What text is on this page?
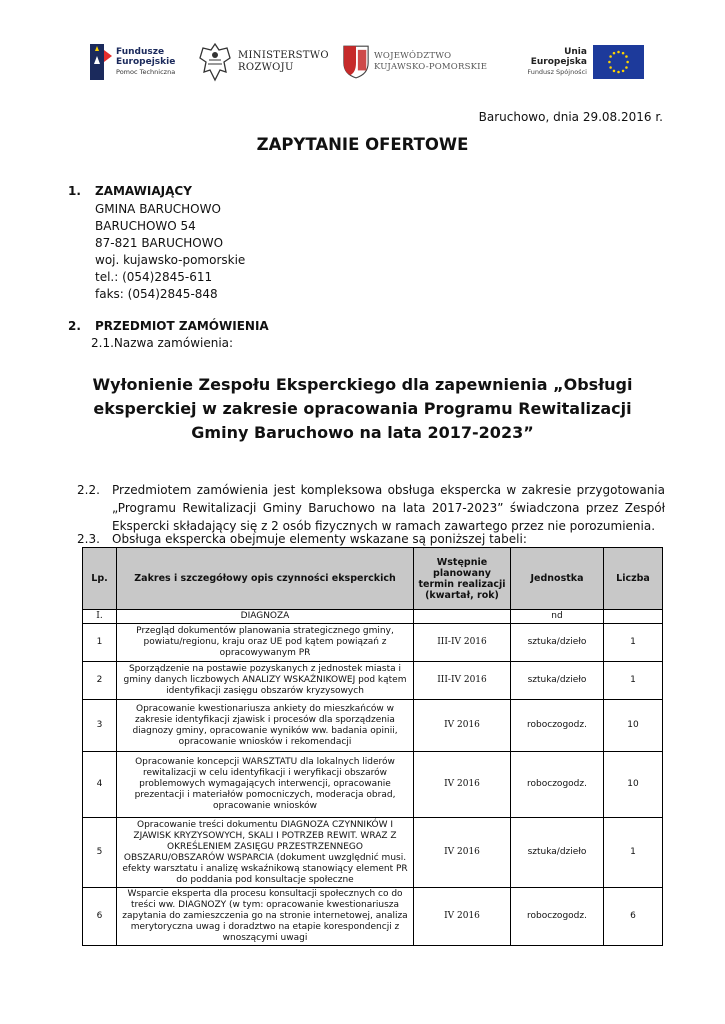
Fundusze
Europejskie
Pomoc Techniczna
MINISTERSTWO
ROZWOJU
WOJEWÓDZTWO
KUJAWSKO-POMORSKIE
Unia Europejska
Fundusz Spójności
Baruchowo, dnia 29.08.2016 r.
ZAPYTANIE OFERTOWE
1. ZAMAWIAJĄCY
GMINA BARUCHOWO
BARUCHOWO 54
87-821 BARUCHOWO
woj. kujawsko-pomorskie
tel.: (054)2845-611
faks: (054)2845-848
2. PRZEDMIOT ZAMÓWIENIA
2.1.Nazwa zamówienia:
Wyłonienie Zespołu Eksperckiego dla zapewnienia „Obsługi
eksperckiej w zakresie opracowania Programu Rewitalizacji
Gminy Baruchowo na lata 2017-2023”
2.2. Przedmiotem zamówienia jest kompleksowa obsługa ekspercka w zakresie przygotowania „Programu Rewitalizacji Gminy Baruchowo na lata 2017-2023” świadczona przez Zespół Ekspercki składający się z 2 osób fizycznych w ramach zawartego przez nie porozumienia.
2.3. Obsługa ekspercka obejmuje elementy wskazane są poniższej tabeli:
Lp.	Zakres i szczegółowy opis czynności eksperckich	Wstępnie planowany termin realizacji (kwartał, rok)	Jednostka	Liczba
I.	DIAGNOZA		nd	
1	Przegląd dokumentów planowania strategicznego gminy, powiatu/regionu, kraju oraz UE pod kątem powiązań z opracowywanym PR	III-IV 2016	sztuka/dzieło	1
2	Sporządzenie na postawie pozyskanych z jednostek miasta i gminy danych liczbowych ANALIZY WSKAŹNIKOWEJ pod kątem identyfikacji zasięgu obszarów kryzysowych	III-IV 2016	sztuka/dzieło	1
3	Opracowanie kwestionariusza ankiety do mieszkańców w zakresie identyfikacji zjawisk i procesów dla sporządzenia diagnozy gminy, opracowanie wyników ww. badania opinii, opracowanie wniosków i rekomendacji	IV 2016	roboczogodz.	10
4	Opracowanie koncepcji WARSZTATU dla lokalnych liderów rewitalizacji w celu identyfikacji i weryfikacji obszarów problemowych wymagających interwencji, opracowanie prezentacji i materiałów pomocniczych, moderacja obrad, opracowanie wniosków	IV 2016	roboczogodz.	10
5	Opracowanie treści dokumentu DIAGNOZA CZYNNIKÓW I ZJAWISK KRYZYSOWYCH, SKALI I POTRZEB REWIT. WRAZ Z OKREŚLENIEM ZASIĘGU PRZESTRZENNEGO OBSZARU/OBSZARÓW WSPARCIA (dokument uwzględnić musi. efekty warsztatu i analizę wskaźnikową stanowiący element PR do poddania pod konsultacje społeczne	IV 2016	sztuka/dzieło	1
6	Wsparcie eksperta dla procesu konsultacji społecznych co do treści ww. DIAGNOZY (w tym: opracowanie kwestionariusza zapytania do zamieszczenia go na stronie internetowej, analiza merytoryczna uwag i doradztwo na etapie korespondencji z wnoszącymi uwagi	IV 2016	roboczogodz.	6
